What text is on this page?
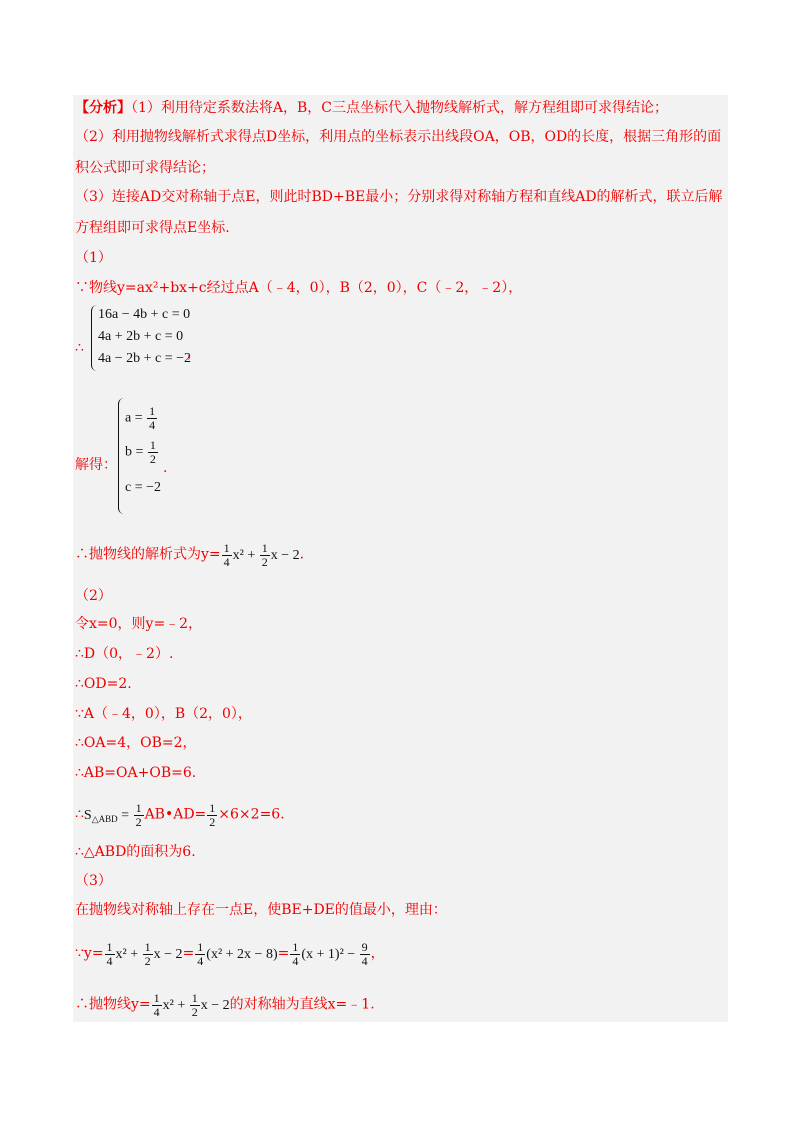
【分析】（1）利用待定系数法将A，B，C三点坐标代入抛物线解析式，解方程组即可求得结论；
（2）利用抛物线解析式求得点D坐标，利用点的坐标表示出线段OA，OB，OD的长度，根据三角形的面
积公式即可求得结论；
（3）连接AD交对称轴于点E，则此时BD+BE最小；分别求得对称轴方程和直线AD的解析式，联立后解
方程组即可求得点E坐标.
（1）
∵物线y=ax²+bx+c经过点A（﹣4，0），B（2，0），C（﹣2，﹣2），
∴
16a − 4b + c = 0
4a + 2b + c = 0
4a − 2b + c = −2
，
解得：
$a = \frac{1}{4}$
$b = \frac{1}{2}$
c = −2
.
∴抛物线的解析式为$y= \frac{1}{4} x^2 + \frac{1}{2}$ x − 2.
（2）
令x=0，则y=﹣2，
∴D（0，﹣2）.
∴OD=2.
∵A（﹣4，0），B（2，0），
∴OA=4，OB=2，
∴AB=OA+OB=6.
$\therefore S_{\triangle ABD} = \frac{1}{2}$ AB•AD= $\frac{1}{2} \times 6\times 2=6$.
∴△ABD的面积为6.
（3）
在抛物线对称轴上存在一点E，使BE+DE的值最小，理由：
∵y= $\frac{1}{4} x^2 + \frac{1}{2}$ $x - 2= \frac{1}{4} (x^2 + 2x - 8)= \frac{1}{4} (x + 1)^2 - \frac{9}{4}$ ，
∴抛物线$y= \frac{1}{4} x^2 + \frac{1}{2}$ x − 2的对称轴为直线x=﹣1.
